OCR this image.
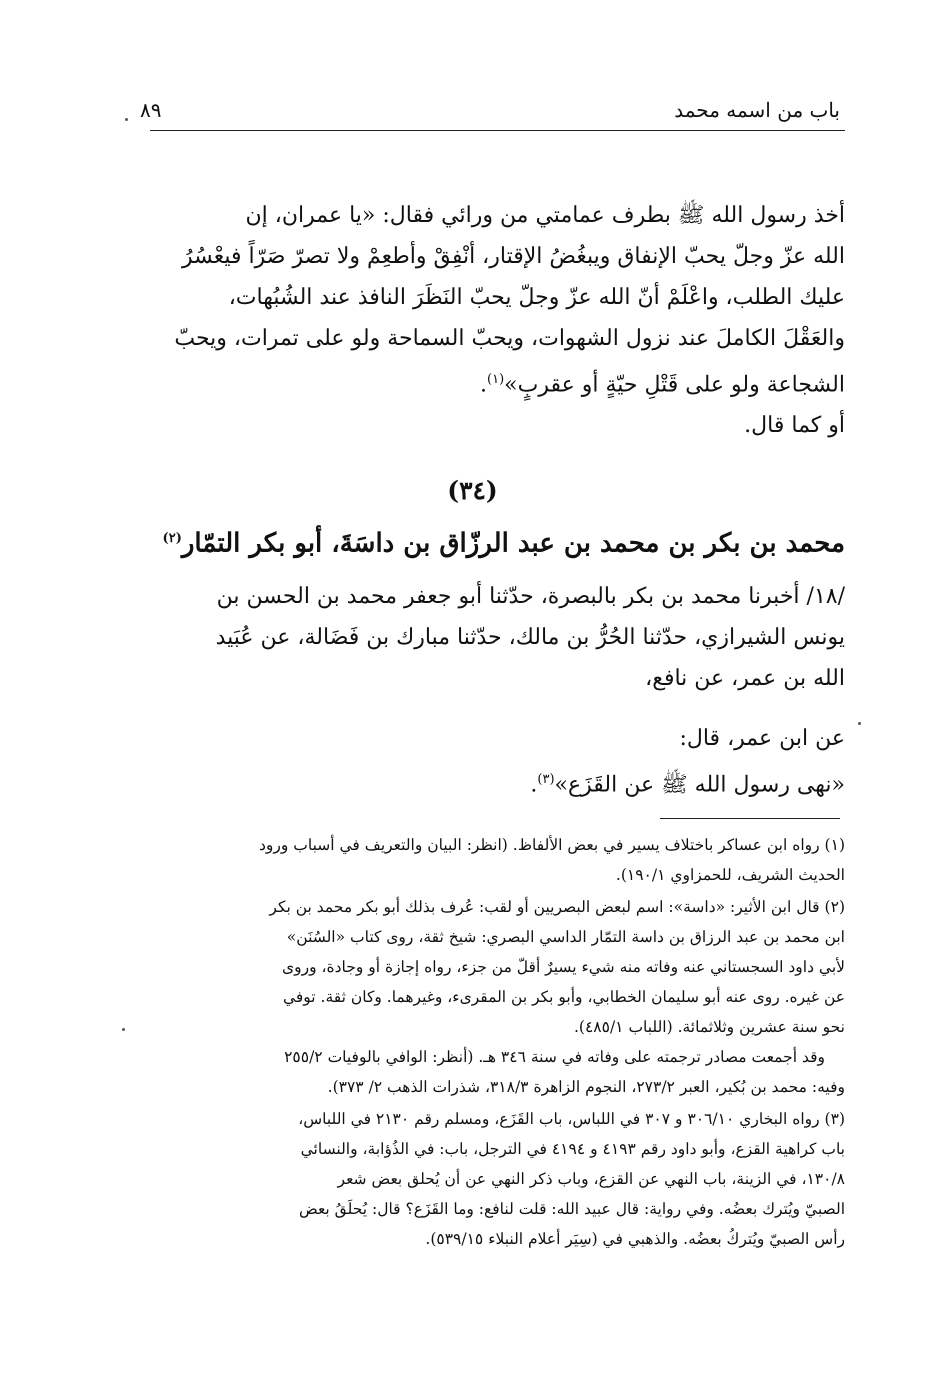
باب من اسمه محمد
٨٩

أخذ رسول الله ﷺ بطرف عمامتي من ورائي فقال: «يا عمران، إن

الله عزّ وجلّ يحبّ الإنفاق ويبغُضُ الإقتار، أنْفِقْ وأطعِمْ ولا تصرّ صَرّاً فيعْسُرُ

عليك الطلب، واعْلَمْ أنّ الله عزّ وجلّ يحبّ النَظَرَ النافذ عند الشُبُهات،

والعَقْلَ الكاملَ عند نزول الشهوات، ويحبّ السماحة ولو على تمرات، ويحبّ

الشجاعة ولو على قَتْلِ حيّةٍ أو عقربٍ»$^{(١)}$.

أو كما قال.

(٣٤)
محمد بن بكر بن محمد بن عبد الرزّاق بن داسَةَ، أبو بكر التمّار$^{(٢)}$

/١٨/ أخبرنا محمد بن بكر بالبصرة، حدّثنا أبو جعفر محمد بن الحسن بن

يونس الشيرازي، حدّثنا الحُرُّ بن مالك، حدّثنا مبارك بن فَضَالة، عن عُبَيد

الله بن عمر، عن نافع،

عن ابن عمر، قال:

«نهى رسول الله ﷺ عن القَزَع»$^{(٣)}$.

(١) رواه ابن عساكر باختلاف يسير في بعض الألفاظ. (انظر: البيان والتعريف في أسباب ورود
الحديث الشريف، للحمزاوي ١٩٠/١).
(٢) قال ابن الأثير: «داسة»: اسم لبعض البصريين أو لقب: عُرف بذلك أبو بكر محمد بن بكر
ابن محمد بن عبد الرزاق بن داسة التمّار الداسي البصري: شيخ ثقة، روى كتاب «السُنَن»
لأبي داود السجستاني عنه وفاته منه شيء يسيرٌ أقلّ من جزء، رواه إجازة أو وجادة، وروى
عن غيره. روى عنه أبو سليمان الخطابي، وأبو بكر بن المقرىء، وغيرهما. وكان ثقة. توفي
نحو سنة عشرين وثلاثمائة. (اللباب ٤٨٥/١).
وقد أجمعت مصادر ترجمته على وفاته في سنة ٣٤٦ هـ. (أنظر: الوافي بالوفيات ٢٥٥/٢
وفيه: محمد بن بُكير، العبر ٢٧٣/٢، النجوم الزاهرة ٣١٨/٣، شذرات الذهب ٢/ ٣٧٣).
(٣) رواه البخاري ٣٠٦/١٠ و ٣٠٧ في اللباس، باب القَزَع، ومسلم رقم ٢١٣٠ في اللباس،
باب كراهية القزع، وأبو داود رقم ٤١٩٣ و ٤١٩٤ في الترجل، باب: في الذُؤابة، والنسائي
١٣٠/٨، في الزينة، باب النهي عن القزع، وباب ذكر النهي عن أن يُحلق بعض شعر
الصبيّ ويُترك بعضُه. وفي رواية: قال عبيد الله: قلت لنافع: وما القَزَع؟ قال: يُحلَقُ بعض
رأس الصبيّ ويُتركُ بعضُه. والذهبي في (سِيَر أعلام النبلاء ٥٣٩/١٥).
